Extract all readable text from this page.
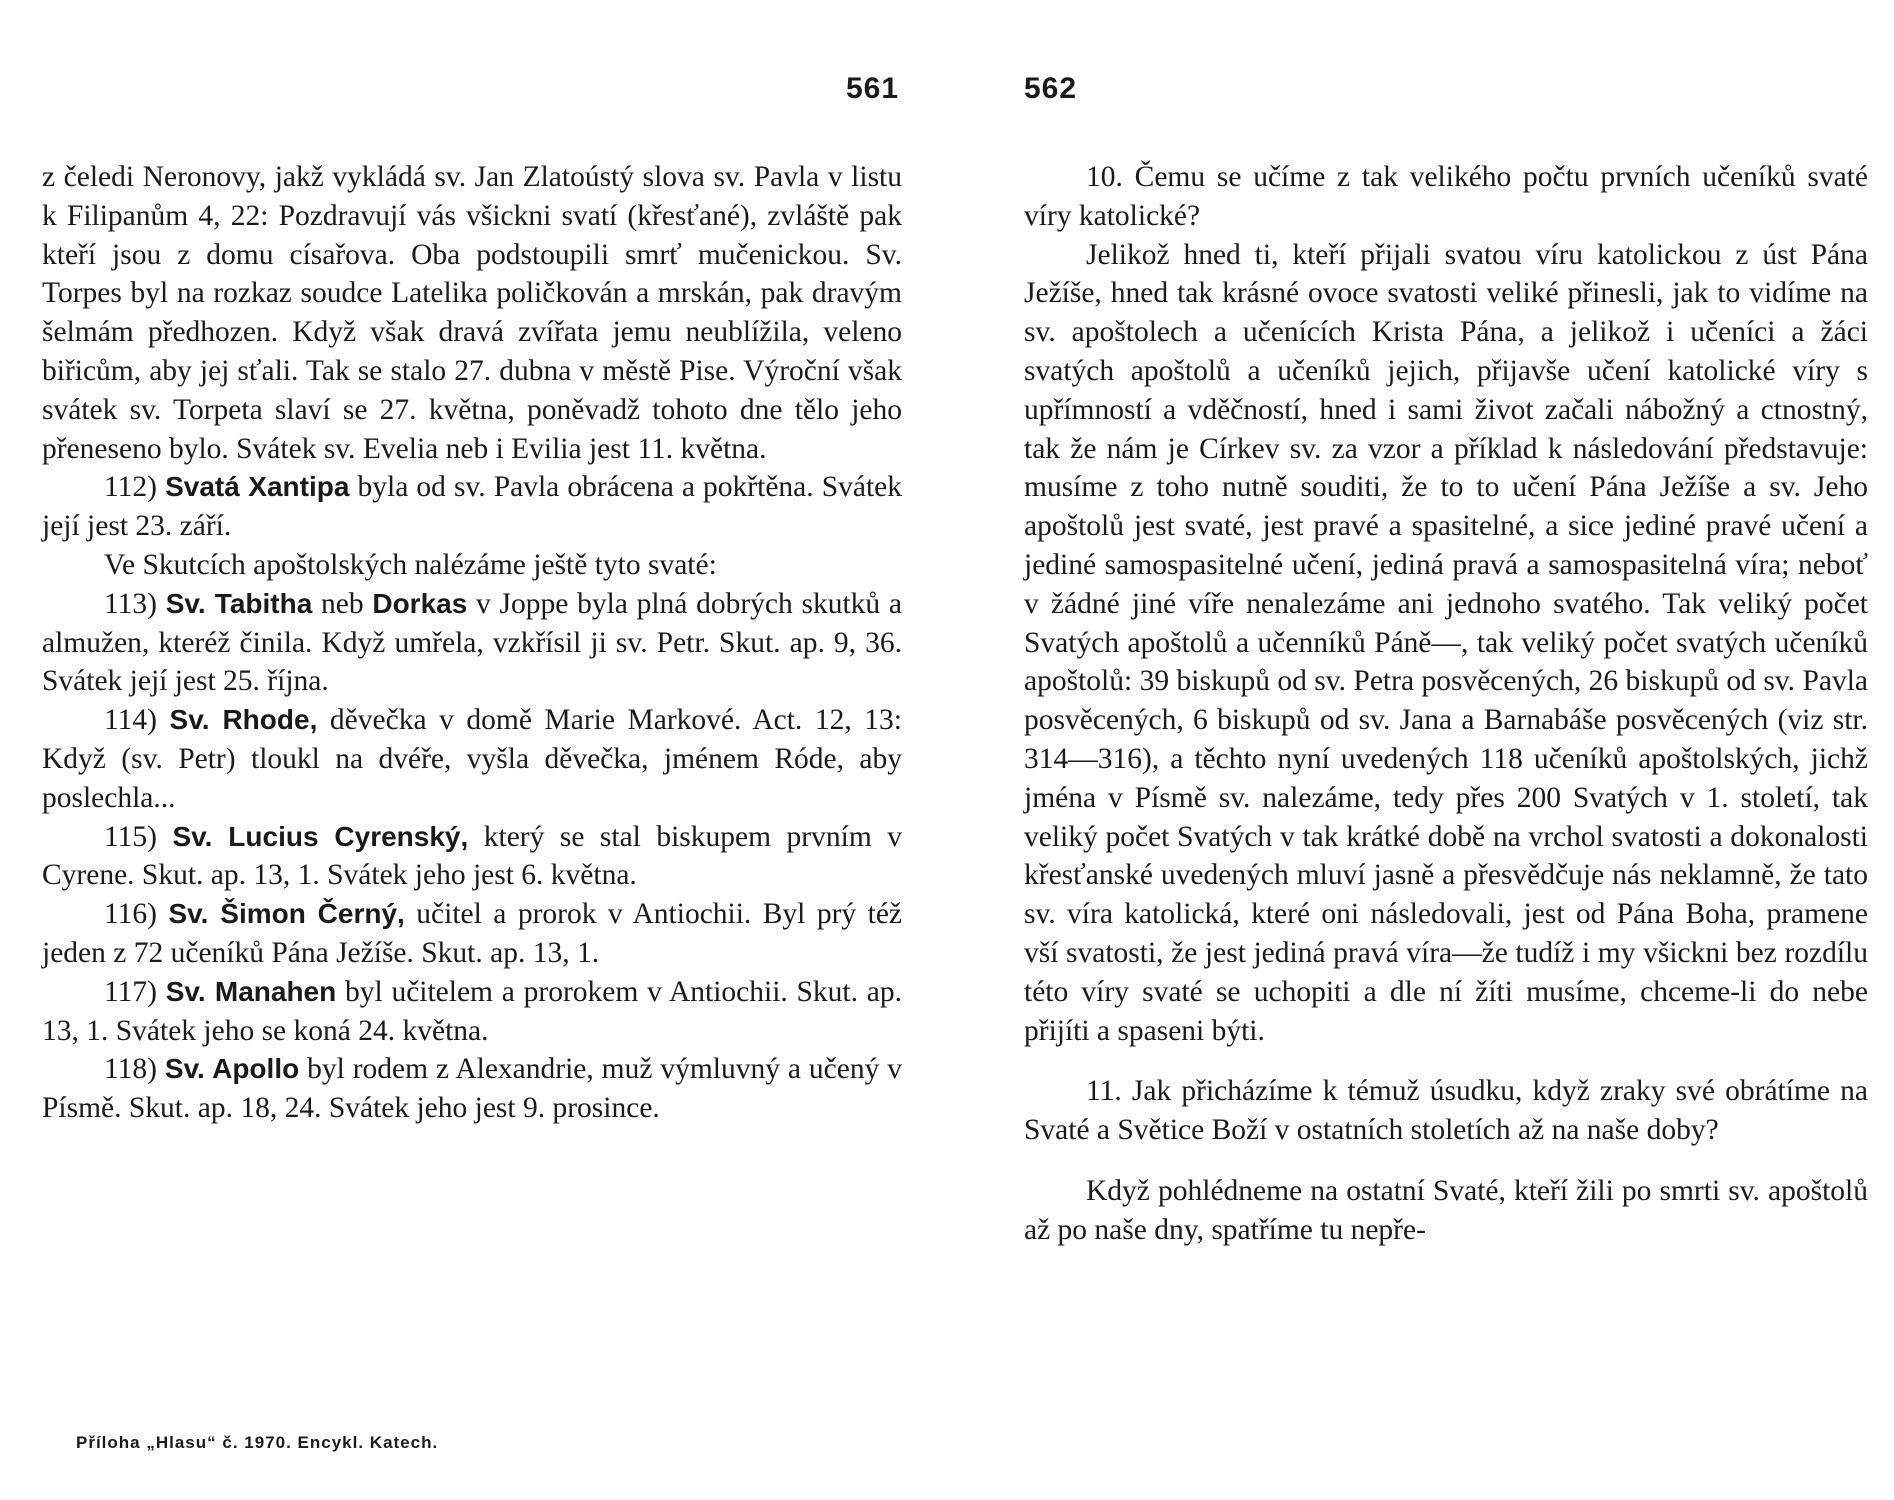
561	562

z čeledi Neronovy, jakž vykládá sv. Jan Zlatoústý slova sv. Pavla v listu k Filipanům 4, 22: Pozdravují vás všickni svatí (křesťané), zvláště pak kteří jsou z domu císařova. Oba podstoupili smrť mučenickou. Sv. Torpes byl na rozkaz soudce Latelika poličkován a mrskán, pak dravým šelmám předhozen. Když však dravá zvířata jemu neublížila, veleno biřicům, aby jej sťali. Tak se stalo 27. dubna v městě Pise. Výroční však svátek sv. Torpeta slaví se 27. května, poněvadž tohoto dne tělo jeho přeneseno bylo. Svátek sv. Evelia neb i Evilia jest 11. května.

112) Svatá Xantipa byla od sv. Pavla obrácena a pokřtěna. Svátek její jest 23. září.

Ve Skutcích apoštolských nalézáme ještě tyto svaté:

113) Sv. Tabitha neb Dorkas v Joppe byla plná dobrých skutků a almužen, kteréž činila. Když umřela, vzkřísil ji sv. Petr. Skut. ap. 9, 36. Svátek její jest 25. října.

114) Sv. Rhode, děvečka v domě Marie Markové. Act. 12, 13: Když (sv. Petr) tloukl na dvéře, vyšla děvečka, jménem Róde, aby poslechla...

115) Sv. Lucius Cyrenský, který se stal biskupem prvním v Cyrene. Skut. ap. 13, 1. Svátek jeho jest 6. května.

116) Sv. Šimon Černý, učitel a prorok v Antiochii. Byl prý též jeden z 72 učeníků Pána Ježíše. Skut. ap. 13, 1.

117) Sv. Manahen byl učitelem a prorokem v Antiochii. Skut. ap. 13, 1. Svátek jeho se koná 24. května.

118) Sv. Apollo byl rodem z Alexandrie, muž výmluvný a učený v Písmě. Skut. ap. 18, 24. Svátek jeho jest 9. prosince.

Příloha „Hlasu“ č. 1970. Encykl. Katech.

10. Čemu se učíme z tak velikého počtu prvních učeníků svaté víry katolické?

Jelikož hned ti, kteří přijali svatou víru katolickou z úst Pána Ježíše, hned tak krásné ovoce svatosti veliké přinesli, jak to vidíme na sv. apoštolech a učenících Krista Pána, a jelikož i učeníci a žáci svatých apoštolů a učeníků jejich, přijavše učení katolické víry s upřímností a vděčností, hned i sami život začali nábožný a ctnostný, tak že nám je Církev sv. za vzor a příklad k následování představuje: musíme z toho nutně souditi, že to to učení Pána Ježíše a sv. Jeho apoštolů jest svaté, jest pravé a spasitelné, a sice jediné pravé učení a jediné samospasitelné učení, jediná pravá a samospasitelná víra; neboť v žádné jiné víře nenalezáme ani jednoho svatého. Tak veliký počet Svatých apoštolů a učenníků Páně—, tak veliký počet svatých učeníků apoštolů: 39 biskupů od sv. Petra posvěcených, 26 biskupů od sv. Pavla posvěcených, 6 biskupů od sv. Jana a Barnabáše posvěcených (viz str. 314—316), a těchto nyní uvedených 118 učeníků apoštolských, jichž jména v Písmě sv. nalezáme, tedy přes 200 Svatých v 1. století, tak veliký počet Svatých v tak krátké době na vrchol svatosti a dokonalosti křesťanské uvedených mluví jasně a přesvědčuje nás neklamně, že tato sv. víra katolická, které oni následovali, jest od Pána Boha, pramene vší svatosti, že jest jediná pravá víra—že tudíž i my všickni bez rozdílu této víry svaté se uchopiti a dle ní žíti musíme, chceme-li do nebe přijíti a spaseni býti.

11. Jak přicházíme k témuž úsudku, když zraky své obrátíme na Svaté a Světice Boží v ostatních stoletích až na naše doby?

Když pohlédneme na ostatní Svaté, kteří žili po smrti sv. apoštolů až po naše dny, spatříme tu nepře-
